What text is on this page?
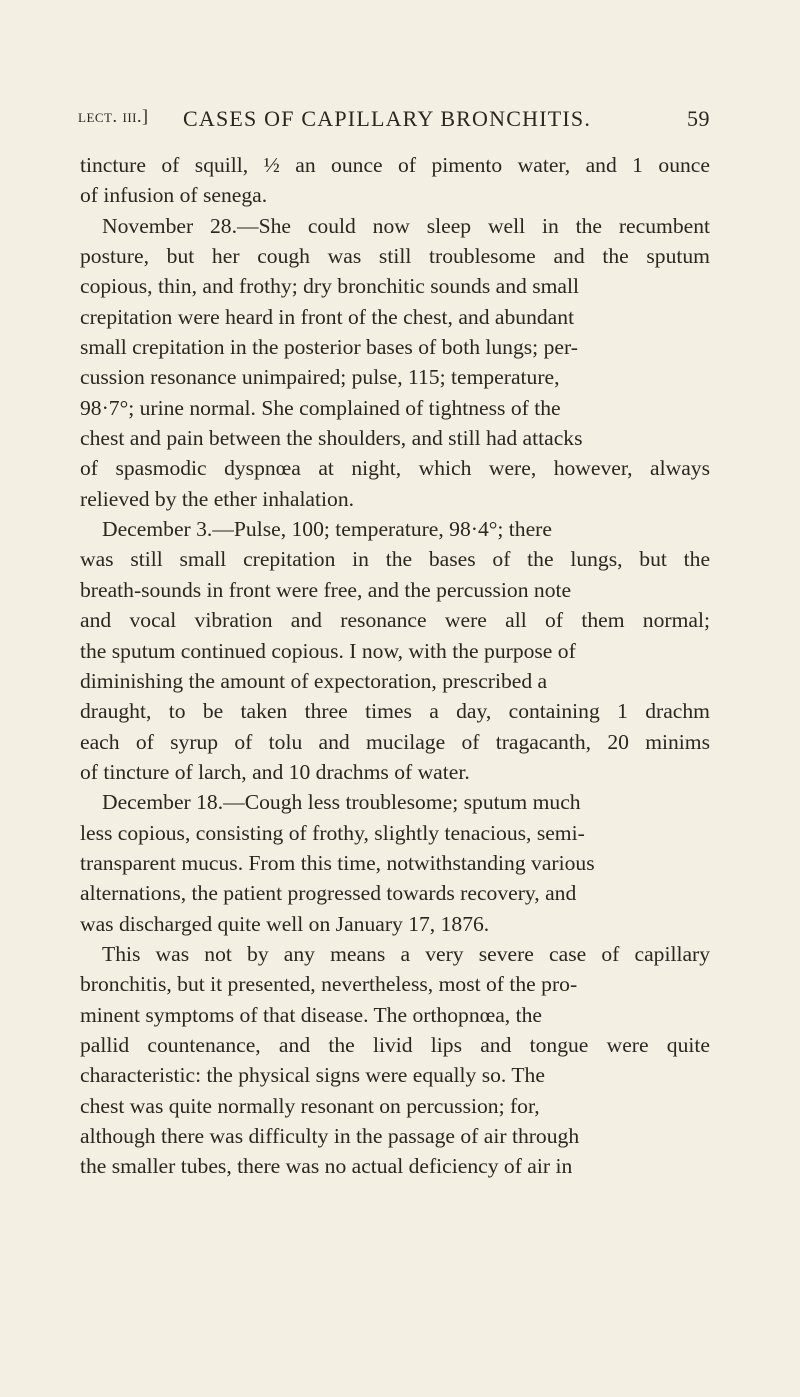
lect. iii.] CASES OF CAPILLARY BRONCHITIS.	59
tincture of squill, ½ an ounce of pimento water, and 1 ounce
of infusion of senega.
November 28.—She could now sleep well in the recumbent
posture, but her cough was still troublesome and the sputum
copious, thin, and frothy; dry bronchitic sounds and small
crepitation were heard in front of the chest, and abundant
small crepitation in the posterior bases of both lungs; per-
cussion resonance unimpaired; pulse, 115; temperature,
98·7°; urine normal. She complained of tightness of the
chest and pain between the shoulders, and still had attacks
of spasmodic dyspnœa at night, which were, however, always
relieved by the ether inhalation.
December 3.—Pulse, 100; temperature, 98·4°; there
was still small crepitation in the bases of the lungs, but the
breath-sounds in front were free, and the percussion note
and vocal vibration and resonance were all of them normal;
the sputum continued copious. I now, with the purpose of
diminishing the amount of expectoration, prescribed a
draught, to be taken three times a day, containing 1 drachm
each of syrup of tolu and mucilage of tragacanth, 20 minims
of tincture of larch, and 10 drachms of water.
December 18.—Cough less troublesome; sputum much
less copious, consisting of frothy, slightly tenacious, semi-
transparent mucus. From this time, notwithstanding various
alternations, the patient progressed towards recovery, and
was discharged quite well on January 17, 1876.
This was not by any means a very severe case of capillary
bronchitis, but it presented, nevertheless, most of the pro-
minent symptoms of that disease. The orthopnœa, the
pallid countenance, and the livid lips and tongue were quite
characteristic: the physical signs were equally so. The
chest was quite normally resonant on percussion; for,
although there was difficulty in the passage of air through
the smaller tubes, there was no actual deficiency of air in
